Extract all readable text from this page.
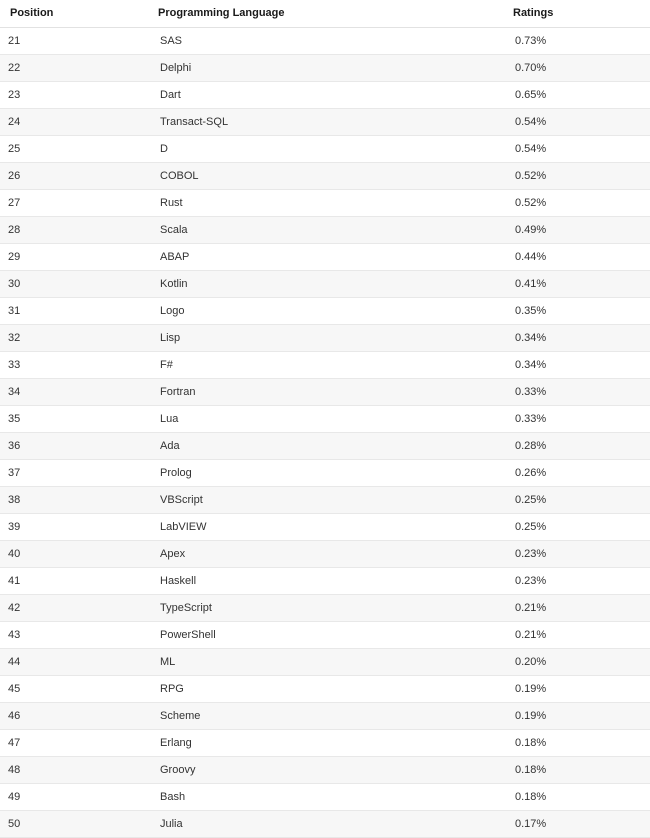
Position	Programming Language	Ratings
21	SAS	0.73%
22	Delphi	0.70%
23	Dart	0.65%
24	Transact-SQL	0.54%
25	D	0.54%
26	COBOL	0.52%
27	Rust	0.52%
28	Scala	0.49%
29	ABAP	0.44%
30	Kotlin	0.41%
31	Logo	0.35%
32	Lisp	0.34%
33	F#	0.34%
34	Fortran	0.33%
35	Lua	0.33%
36	Ada	0.28%
37	Prolog	0.26%
38	VBScript	0.25%
39	LabVIEW	0.25%
40	Apex	0.23%
41	Haskell	0.23%
42	TypeScript	0.21%
43	PowerShell	0.21%
44	ML	0.20%
45	RPG	0.19%
46	Scheme	0.19%
47	Erlang	0.18%
48	Groovy	0.18%
49	Bash	0.18%
50	Julia	0.17%
